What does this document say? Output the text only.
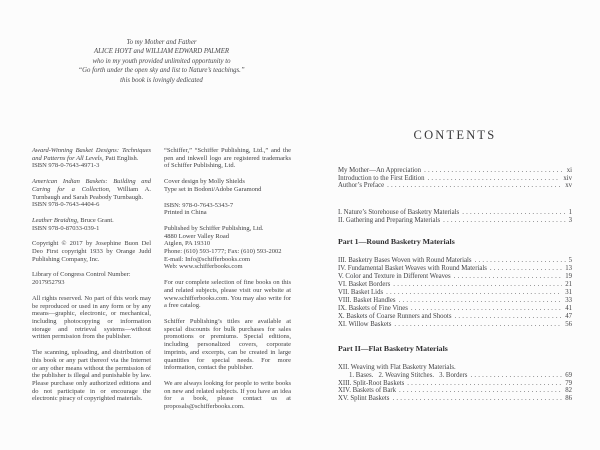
To my Mother and Father
ALICE HOYT and WILLIAM EDWARD PALMER
who in my youth provided unlimited opportunity to
“Go forth under the open sky and list to Nature’s teachings.”
this book is lovingly dedicated

Award-Winning Basket Designs: Techniques and Patterns for All Levels, Pati English.
ISBN 978-0-7643-4971-3

American Indian Baskets: Building and Caring for a Collection, William A. Turnbaugh and Sarah Peabody Turnbaugh.
ISBN 978-0-7643-4404-6

Leather Braiding, Bruce Grant.
ISBN 978-0-87033-039-1

Copyright © 2017 by Josephine Buon Del Deo First copyright 1933 by Orange Judd Publishing Company, Inc.

Library of Congress Control Number:
2017952793

All rights reserved. No part of this work may be reproduced or used in any form or by any means—graphic, electronic, or mechanical, including photocopying or information storage and retrieval systems—without written permission from the publisher.

The scanning, uploading, and distribution of this book or any part thereof via the Internet or any other means without the permission of the publisher is illegal and punishable by law. Please purchase only authorized editions and do not participate in or encourage the electronic piracy of copyrighted materials.

“Schiffer,” “Schiffer Publishing, Ltd.,” and the pen and inkwell logo are registered trademarks of Schiffer Publishing, Ltd.

Cover design by Molly Shields
Type set in Bodoni/Adobe Garamond

ISBN: 978-0-7643-5343-7
Printed in China

Published by Schiffer Publishing, Ltd.
4880 Lower Valley Road
Atglen, PA 19310
Phone: (610) 593-1777; Fax: (610) 593-2002
E-mail: Info@schifferbooks.com
Web: www.schifferbooks.com

For our complete selection of fine books on this and related subjects, please visit our website at www.schifferbooks.com. You may also write for a free catalog.

Schiffer Publishing’s titles are available at special discounts for bulk purchases for sales promotions or premiums. Special editions, including personalized covers, corporate imprints, and excerpts, can be created in large quantities for special needs. For more information, contact the publisher.

We are always looking for people to write books on new and related subjects. If you have an idea for a book, please contact us at proposals@schifferbooks.com.

CONTENTS
My Mother—An Appreciation .....	xi
Introduction to the First Edition .....	xiv
Author’s Preface .....	xv
I. Nature’s Storehouse of Basketry Materials .....	1
II. Gathering and Preparing Materials .....	3
Part 1—Round Basketry Materials
III. Basketry Bases Woven with Round Materials .....	5
IV. Fundamental Basket Weaves with Round Materials .....	13
V. Color and Texture in Different Weaves .....	19
VI. Basket Borders .....	21
VII. Basket Lids .....	31
VIII. Basket Handles .....	33
IX. Baskets of Fine Vines .....	41
X. Baskets of Coarse Runners and Shoots .....	47
XI. Willow Baskets .....	56
Part II—Flat Basketry Materials
XII. Weaving with Flat Basketry Materials.
1. Bases.   2. Weaving Stitches.   3. Borders .....	69
XIII. Split-Root Baskets .....	79
XIV. Baskets of Bark .....	82
XV. Splint Baskets .....	86
